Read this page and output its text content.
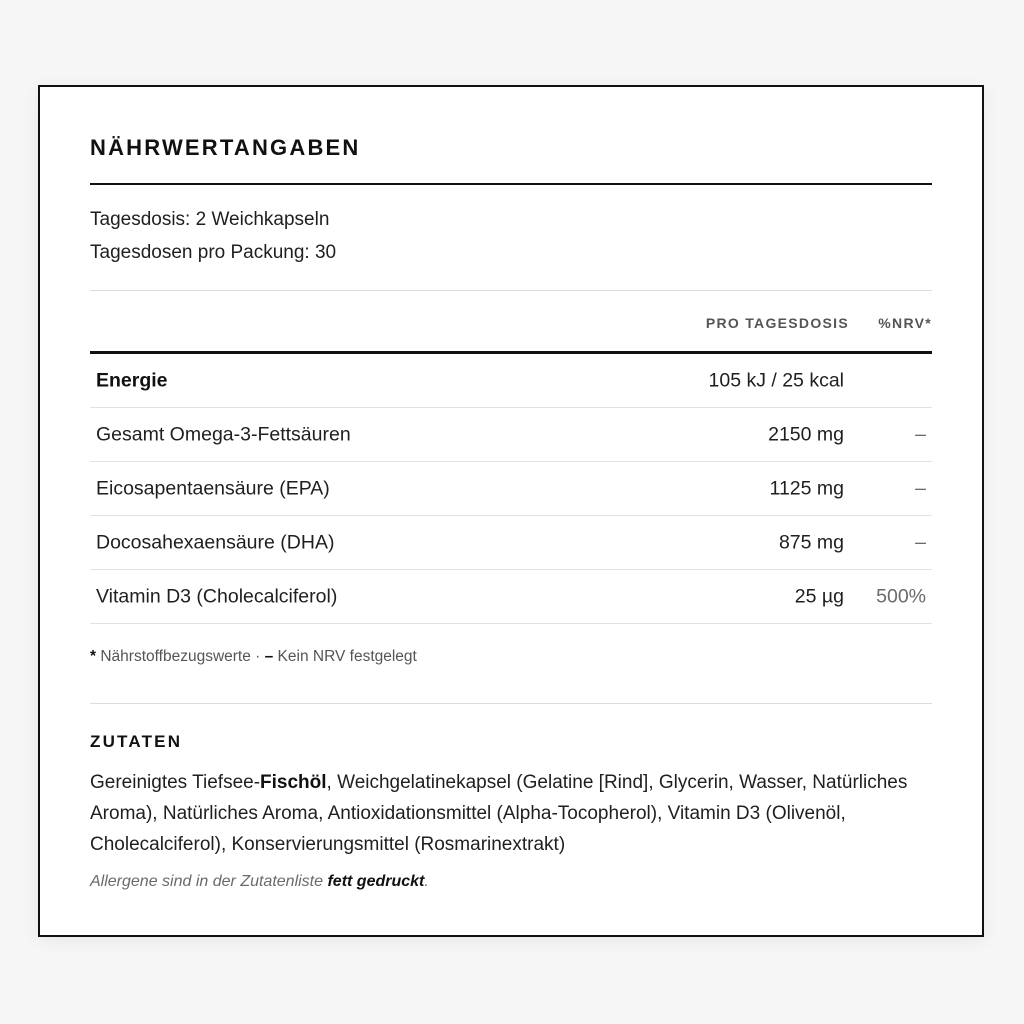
NÄHRWERTANGABEN
Tagesdosis: 2 Weichkapseln
Tagesdosen pro Packung: 30
PRO TAGESDOSIS %NRV*
Energie	105 kJ / 25 kcal
Gesamt Omega-3-Fettsäuren	2150 mg	–
Eicosapentaensäure (EPA)	1125 mg	–
Docosahexaensäure (DHA)	875 mg	–
Vitamin D3 (Cholecalciferol)	25 µg 500%
* Nährstoffbezugswerte · – Kein NRV festgelegt
ZUTATEN
Gereinigtes Tiefsee-Fischöl, Weichgelatinekapsel (Gelatine [Rind], Glycerin, Wasser, Natürliches Aroma), Natürliches Aroma, Antioxidationsmittel (Alpha-Tocopherol), Vitamin D3 (Olivenöl, Cholecalciferol), Konservierungsmittel (Rosmarinextrakt)
Allergene sind in der Zutatenliste fett gedruckt.
